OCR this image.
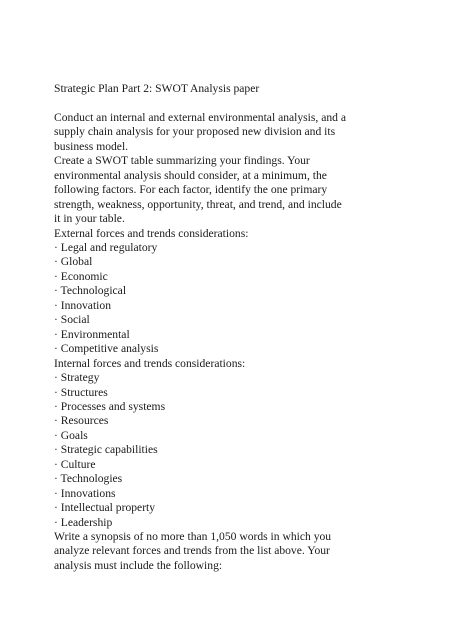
Strategic Plan Part 2: SWOT Analysis paper
Conduct an internal and external environmental analysis, and a
supply chain analysis for your proposed new division and its
business model.
Create a SWOT table summarizing your findings. Your
environmental analysis should consider, at a minimum, the
following factors. For each factor, identify the one primary
strength, weakness, opportunity, threat, and trend, and include
it in your table.
External forces and trends considerations:
· Legal and regulatory
· Global
· Economic
· Technological
· Innovation
· Social
· Environmental
· Competitive analysis
Internal forces and trends considerations:
· Strategy
· Structures
· Processes and systems
· Resources
· Goals
· Strategic capabilities
· Culture
· Technologies
· Innovations
· Intellectual property
· Leadership
Write a synopsis of no more than 1,050 words in which you
analyze relevant forces and trends from the list above. Your
analysis must include the following:
